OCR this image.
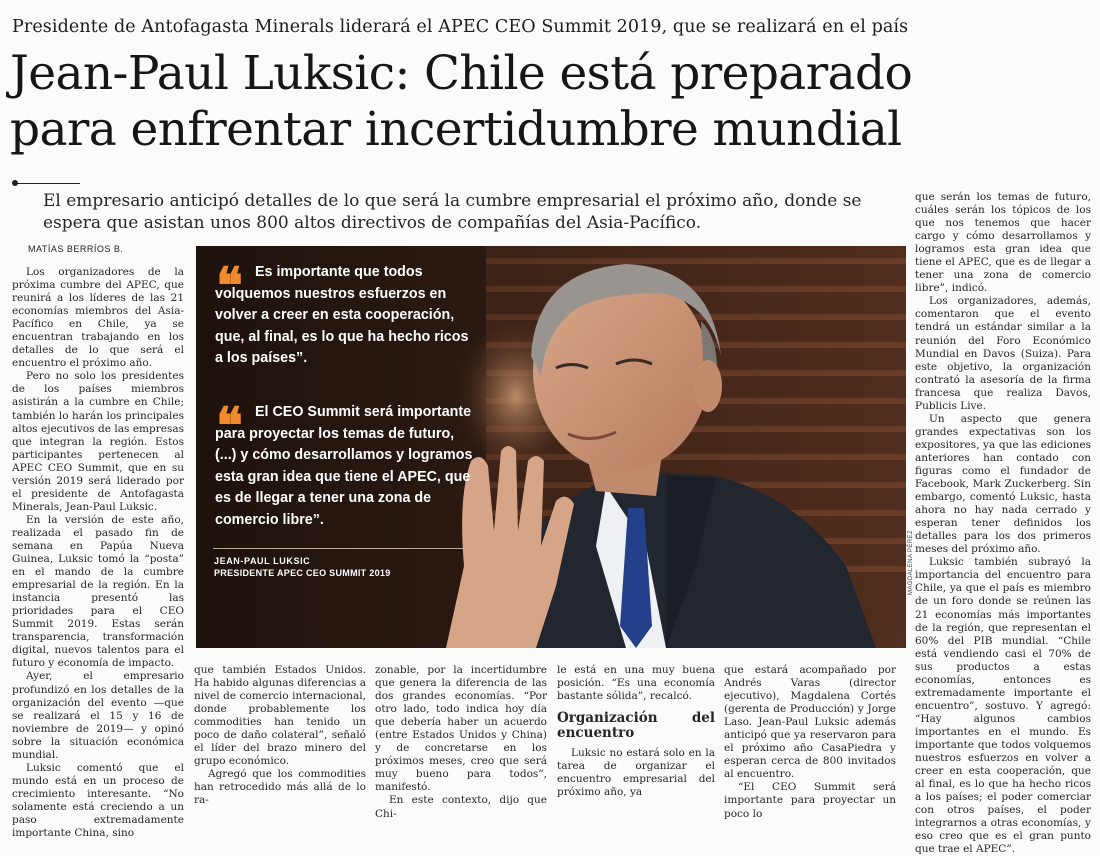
Presidente de Antofagasta Minerals liderará el APEC CEO Summit 2019, que se realizará en el país
Jean-Paul Luksic: Chile está preparado
para enfrentar incertidumbre mundial
El empresario anticipó detalles de lo que será la cumbre empresarial el próximo año, donde se espera que asistan unos 800 altos directivos de compañías del Asia-Pacífico.
MATÍAS BERRÍOS B.

Los organizadores de la próxima cumbre del APEC, que reunirá a los líderes de las 21 economías miembros del Asia-Pacífico en Chile, ya se encuentran trabajando en los detalles de lo que será el encuentro el próximo año.

Pero no solo los presidentes de los países miembros asistirán a la cumbre en Chile; también lo harán los principales altos ejecutivos de las empresas que integran la región. Estos participantes pertenecen al APEC CEO Summit, que en su versión 2019 será liderado por el presidente de Antofagasta Minerals, Jean-Paul Luksic.

En la versión de este año, realizada el pasado fin de semana en Papúa Nueva Guinea, Luksic tomó la “posta” en el mando de la cumbre empresarial de la región. En la instancia presentó las prioridades para el CEO Summit 2019. Estas serán transparencia, transformación digital, nuevos talentos para el futuro y economía de impacto.

Ayer, el empresario profundizó en los detalles de la organización del evento —que se realizará el 15 y 16 de noviembre de 2019— y opinó sobre la situación económica mundial.

Luksic comentó que el mundo está en un proceso de crecimiento interesante. “No solamente está creciendo a un paso extremadamente importante China, sino

❝ Es importante que todos volquemos nuestros esfuerzos en volver a creer en esta cooperación, que, al final, es lo que ha hecho ricos a los países”.
❝ El CEO Summit será importante para proyectar los temas de futuro, (...) y cómo desarrollamos y logramos esta gran idea que tiene el APEC, que es de llegar a tener una zona de comercio libre”.
JEAN-PAUL LUKSIC
PRESIDENTE APEC CEO SUMMIT 2019	MAGDALENA PÉREZ

que también Estados Unidos. Ha habido algunas diferencias a nivel de comercio internacional, donde probablemente los commodities han tenido un poco de daño colateral”, señaló el líder del brazo minero del grupo económico.

Agregó que los commodities han retrocedido más allá de lo ra-

zonable, por la incertidumbre que genera la diferencia de las dos grandes economías. “Por otro lado, todo indica hoy día que debería haber un acuerdo (entre Estados Unidos y China) y de concretarse en los próximos meses, creo que será muy bueno para todos”, manifestó.

En este contexto, dijo que Chi-

le está en una muy buena posición. “Es una economía bastante sólida”, recalcó.

Organización del encuentro

Luksic no estará solo en la tarea de organizar el encuentro empresarial del próximo año, ya

que estará acompañado por Andrés Varas (director ejecutivo), Magdalena Cortés (gerenta de Producción) y Jorge Laso. Jean-Paul Luksic además anticipó que ya reservaron para el próximo año CasaPiedra y esperan cerca de 800 invitados al encuentro.

“El CEO Summit será importante para proyectar un poco lo

que serán los temas de futuro, cuáles serán los tópicos de los que nos tenemos que hacer cargo y cómo desarrollamos y logramos esta gran idea que tiene el APEC, que es de llegar a tener una zona de comercio libre”, indicó.

Los organizadores, además, comentaron que el evento tendrá un estándar similar a la reunión del Foro Económico Mundial en Davos (Suiza). Para este objetivo, la organización contrató la asesoría de la firma francesa que realiza Davos, Publicis Live.

Un aspecto que genera grandes expectativas son los expositores, ya que las ediciones anteriores han contado con figuras como el fundador de Facebook, Mark Zuckerberg. Sin embargo, comentó Luksic, hasta ahora no hay nada cerrado y esperan tener definidos los detalles para los dos primeros meses del próximo año.

Luksic también subrayó la importancia del encuentro para Chile, ya que el país es miembro de un foro donde se reúnen las 21 economías más importantes de la región, que representan el 60% del PIB mundial. “Chile está vendiendo casi el 70% de sus productos a estas economías, entonces es extremadamente importante el encuentro”, sostuvo. Y agregó: “Hay algunos cambios importantes en el mundo. Es importante que todos volquemos nuestros esfuerzos en volver a creer en esta cooperación, que al final, es lo que ha hecho ricos a los países; el poder comerciar con otros países, el poder integrarnos a otras economías, y eso creo que es el gran punto que trae el APEC”.
